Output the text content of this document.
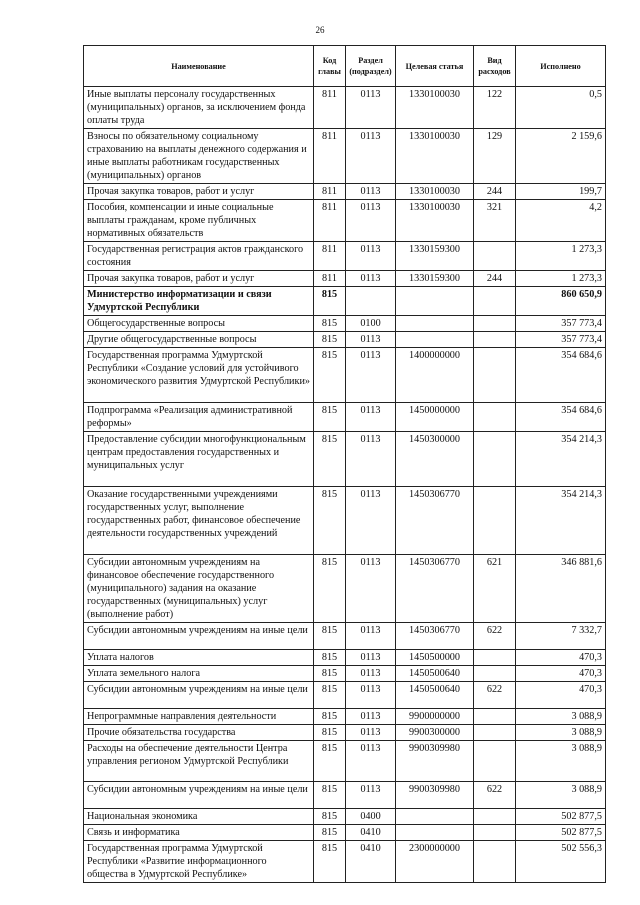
26
Наименование	Код главы	Раздел (подраздел)	Целевая статья	Вид расходов	Исполнено
Иные выплаты персоналу государственных (муниципальных) органов, за исключением фонда оплаты труда	811	0113	1330100030	122	0,5
Взносы по обязательному социальному страхованию на выплаты денежного содержания и иные выплаты работникам государственных (муниципальных) органов	811	0113	1330100030	129	2 159,6
Прочая закупка товаров, работ и услуг	811	0113	1330100030	244	199,7
Пособия, компенсации и иные социальные выплаты гражданам, кроме публичных нормативных обязательств	811	0113	1330100030	321	4,2
Государственная регистрация актов гражданского состояния	811	0113	1330159300		1 273,3
Прочая закупка товаров, работ и услуг	811	0113	1330159300	244	1 273,3
Министерство информатизации и связи Удмуртской Республики	815				860 650,9
Общегосударственные вопросы	815	0100			357 773,4
Другие общегосударственные вопросы	815	0113			357 773,4
Государственная программа Удмуртской Республики «Создание условий для устойчивого экономического развития Удмуртской Республики»	815	0113	1400000000		354 684,6
Подпрограмма «Реализация административной реформы»	815	0113	1450000000		354 684,6
Предоставление субсидии многофункциональным центрам предоставления государственных и муниципальных услуг	815	0113	1450300000		354 214,3
Оказание государственными учреждениями государственных услуг, выполнение государственных работ, финансовое обеспечение деятельности государственных учреждений	815	0113	1450306770		354 214,3
Субсидии автономным учреждениям на финансовое обеспечение государственного (муниципального) задания на оказание государственных (муниципальных) услуг (выполнение работ)	815	0113	1450306770	621	346 881,6
Субсидии автономным учреждениям на иные цели	815	0113	1450306770	622	7 332,7
Уплата налогов	815	0113	1450500000		470,3
Уплата земельного налога	815	0113	1450500640		470,3
Субсидии автономным учреждениям на иные цели	815	0113	1450500640	622	470,3
Непрограммные направления деятельности	815	0113	9900000000		3 088,9
Прочие обязательства государства	815	0113	9900300000		3 088,9
Расходы на обеспечение деятельности Центра управления регионом Удмуртской Республики	815	0113	9900309980		3 088,9
Субсидии автономным учреждениям на иные цели	815	0113	9900309980	622	3 088,9
Национальная экономика	815	0400			502 877,5
Связь и информатика	815	0410			502 877,5
Государственная программа Удмуртской Республики «Развитие информационного общества в Удмуртской Республике»	815	0410	2300000000		502 556,3
